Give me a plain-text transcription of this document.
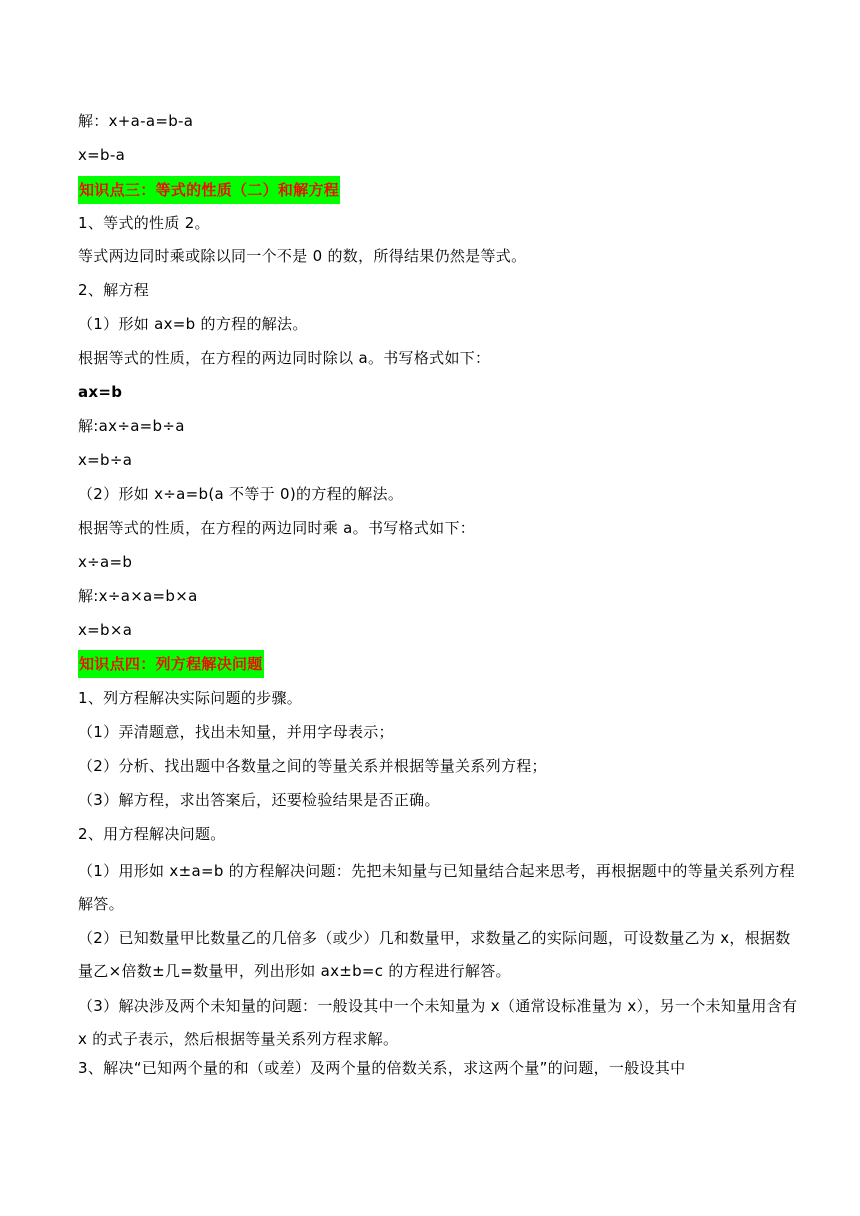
解：x+a-a=b-a
x=b-a
知识点三：等式的性质（二）和解方程
1、等式的性质 2。
等式两边同时乘或除以同一个不是 0 的数，所得结果仍然是等式。
2、解方程
（1）形如 ax=b 的方程的解法。
根据等式的性质，在方程的两边同时除以 a。书写格式如下：
ax=b
解:ax÷a=b÷a
x=b÷a
（2）形如 x÷a=b(a 不等于 0)的方程的解法。
根据等式的性质，在方程的两边同时乘 a。书写格式如下：
x÷a=b
解:x÷a×a=b×a
x=b×a
知识点四：列方程解决问题
1、列方程解决实际问题的步骤。
（1）弄清题意，找出未知量，并用字母表示；
（2）分析、找出题中各数量之间的等量关系并根据等量关系列方程；
（3）解方程，求出答案后，还要检验结果是否正确。
2、用方程解决问题。
（1）用形如 x±a=b 的方程解决问题：先把未知量与已知量结合起来思考，再根据题中的等量关系列方程解答。
（2）已知数量甲比数量乙的几倍多（或少）几和数量甲，求数量乙的实际问题，可设数量乙为 x，根据数量乙×倍数±几=数量甲，列出形如 ax±b=c 的方程进行解答。
（3）解决涉及两个未知量的问题：一般设其中一个未知量为 x（通常设标准量为 x），另一个未知量用含有 x 的式子表示，然后根据等量关系列方程求解。
3、解决“已知两个量的和（或差）及两个量的倍数关系，求这两个量”的问题，一般设其中
